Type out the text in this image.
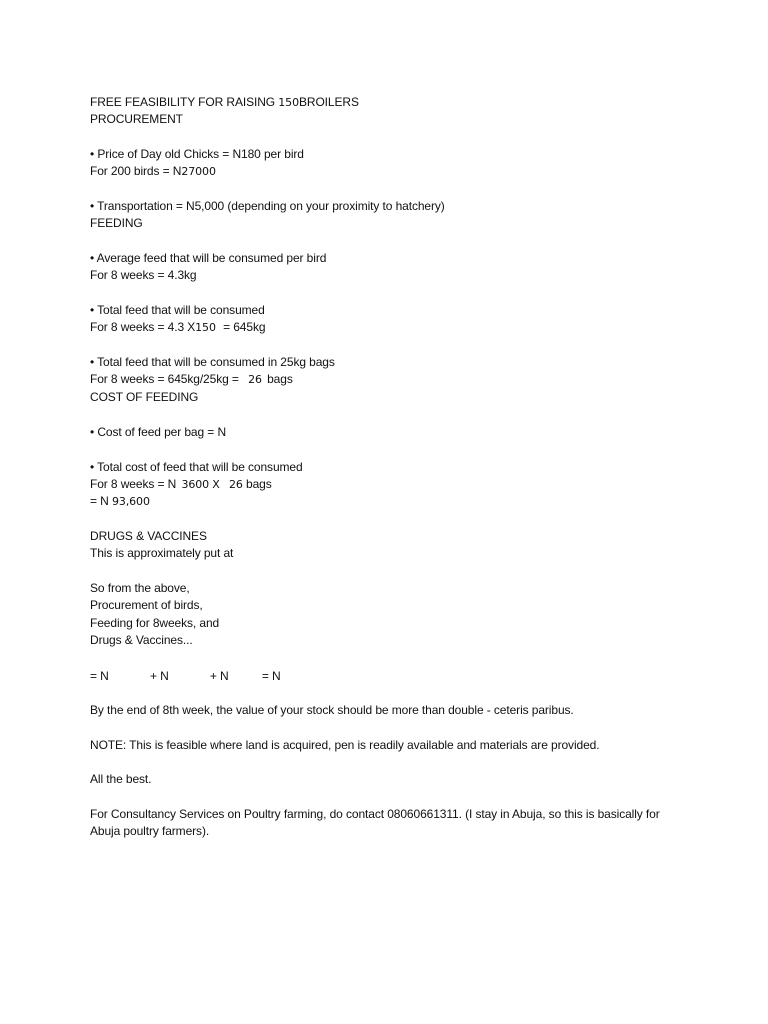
FREE FEASIBILITY FOR RAISING 150BROILERS
PROCUREMENT
• Price of Day old Chicks = N180 per bird
For 200 birds = N27000
• Transportation = N5,000 (depending on your proximity to hatchery)
FEEDING
• Average feed that will be consumed per bird
For 8 weeks = 4.3kg
• Total feed that will be consumed
For 8 weeks = 4.3 X150 = 645kg
• Total feed that will be consumed in 25kg bags
For 8 weeks = 645kg/25kg = 26 bags
COST OF FEEDING
• Cost of feed per bag = N
• Total cost of feed that will be consumed
For 8 weeks = N 3600 X 26 bags
= N 93,600
DRUGS & VACCINES
This is approximately put at
So from the above,
Procurement of birds,
Feeding for 8weeks, and
Drugs & Vaccines...
= N	+ N	+ N	= N
By the end of 8th week, the value of your stock should be more than double - ceteris paribus.
NOTE: This is feasible where land is acquired, pen is readily available and materials are provided.
All the best.
For Consultancy Services on Poultry farming, do contact 08060661311. (I stay in Abuja, so this is basically for Abuja poultry farmers).
